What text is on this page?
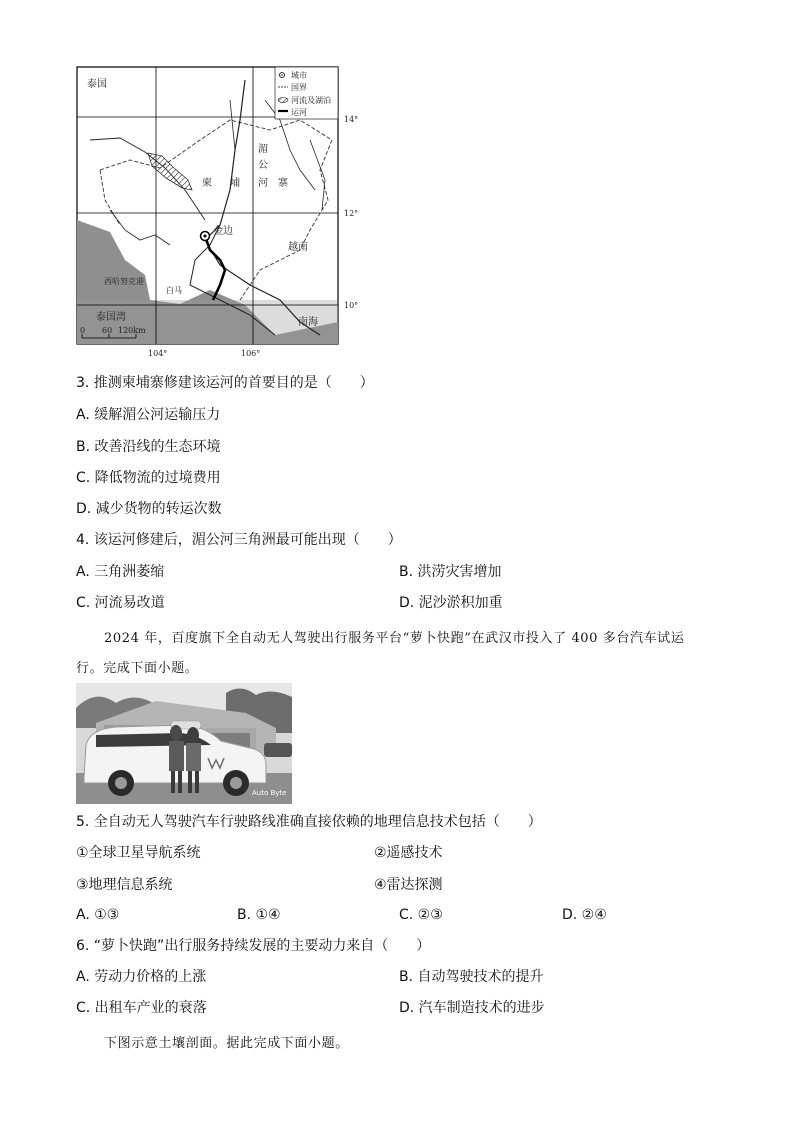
城市
国界
河流及湖泊
运河
泰国
柬 埔	寨
湄
公
河
越南
金边
西哈努克港
白马
泰国湾	南海
14°
12°
10°
104°	106°
0 60 120km
3. 推测柬埔寨修建该运河的首要目的是（　　）
A. 缓解湄公河运输压力
B. 改善沿线的生态环境
C. 降低物流的过境费用
D. 减少货物的转运次数
4. 该运河修建后，湄公河三角洲最可能出现（　　）
A. 三角洲萎缩	B. 洪涝灾害增加
C. 河流易改道	D. 泥沙淤积加重
2024 年，百度旗下全自动无人驾驶出行服务平台“萝卜快跑”在武汉市投入了 400 多台汽车试运
行。完成下面小题。
Auto Byte
5. 全自动无人驾驶汽车行驶路线准确直接依赖的地理信息技术包括（　　）
①全球卫星导航系统	②遥感技术
③地理信息系统	④雷达探测
A. ①③	B. ①④	C. ②③	D. ②④
6. “萝卜快跑”出行服务持续发展的主要动力来自（　　）
A. 劳动力价格的上涨	B. 自动驾驶技术的提升
C. 出租车产业的衰落	D. 汽车制造技术的进步
下图示意土壤剖面。据此完成下面小题。
